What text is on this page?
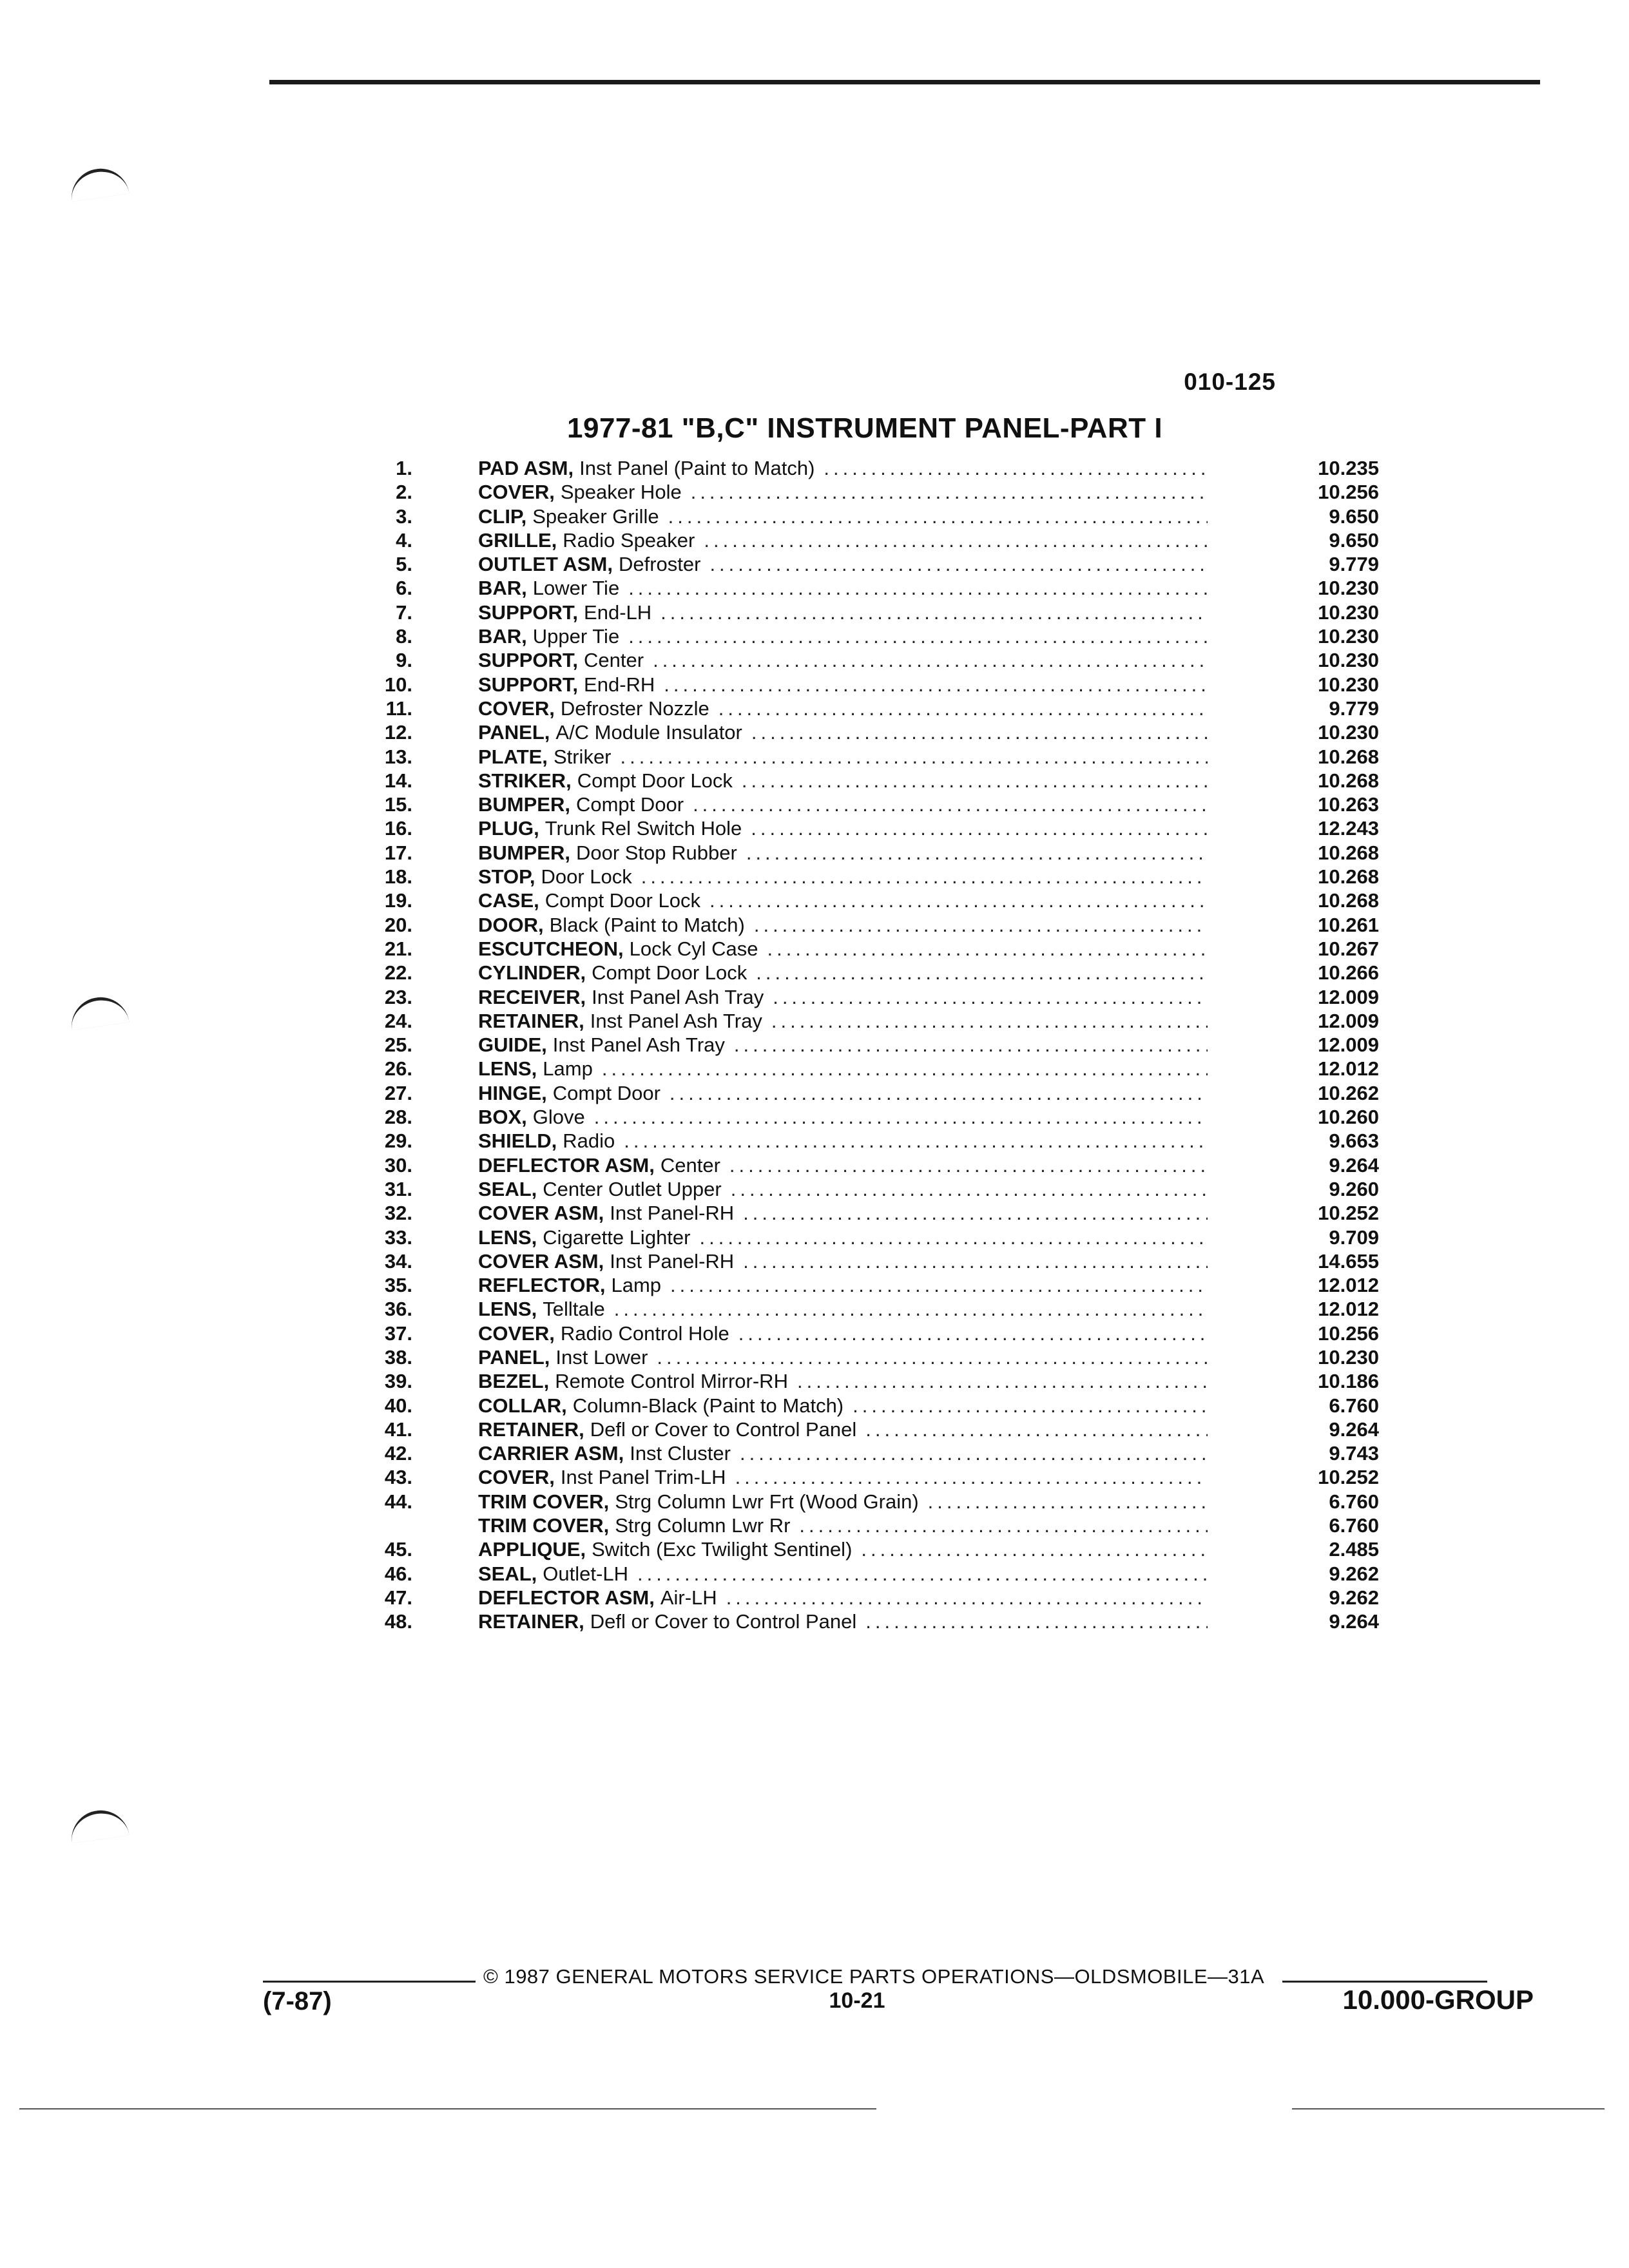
010-125
1977-81 "B,C" INSTRUMENT PANEL-PART I
1.	PAD ASM, Inst Panel (Paint to Match) .....	10.235
2.	COVER, Speaker Hole .....	10.256
3.	CLIP, Speaker Grille .....	9.650
4.	GRILLE, Radio Speaker .....	9.650
5.	OUTLET ASM, Defroster .....	9.779
6.	BAR, Lower Tie .....	10.230
7.	SUPPORT, End-LH .....	10.230
8.	BAR, Upper Tie .....	10.230
9.	SUPPORT, Center .....	10.230
10.	SUPPORT, End-RH .....	10.230
11.	COVER, Defroster Nozzle .....	9.779
12.	PANEL, A/C Module Insulator .....	10.230
13.	PLATE, Striker .....	10.268
14.	STRIKER, Compt Door Lock .....	10.268
15.	BUMPER, Compt Door .....	10.263
16.	PLUG, Trunk Rel Switch Hole .....	12.243
17.	BUMPER, Door Stop Rubber .....	10.268
18.	STOP, Door Lock .....	10.268
19.	CASE, Compt Door Lock .....	10.268
20.	DOOR, Black (Paint to Match) .....	10.261
21.	ESCUTCHEON, Lock Cyl Case .....	10.267
22.	CYLINDER, Compt Door Lock .....	10.266
23.	RECEIVER, Inst Panel Ash Tray .....	12.009
24.	RETAINER, Inst Panel Ash Tray .....	12.009
25.	GUIDE, Inst Panel Ash Tray .....	12.009
26.	LENS, Lamp .....	12.012
27.	HINGE, Compt Door .....	10.262
28.	BOX, Glove .....	10.260
29.	SHIELD, Radio .....	9.663
30.	DEFLECTOR ASM, Center .....	9.264
31.	SEAL, Center Outlet Upper .....	9.260
32.	COVER ASM, Inst Panel-RH .....	10.252
33.	LENS, Cigarette Lighter .....	9.709
34.	COVER ASM, Inst Panel-RH .....	14.655
35.	REFLECTOR, Lamp .....	12.012
36.	LENS, Telltale .....	12.012
37.	COVER, Radio Control Hole .....	10.256
38.	PANEL, Inst Lower .....	10.230
39.	BEZEL, Remote Control Mirror-RH .....	10.186
40.	COLLAR, Column-Black (Paint to Match) .....	6.760
41.	RETAINER, Defl or Cover to Control Panel .....	9.264
42.	CARRIER ASM, Inst Cluster .....	9.743
43.	COVER, Inst Panel Trim-LH .....	10.252
44.	TRIM COVER, Strg Column Lwr Frt (Wood Grain) .....	6.760
TRIM COVER, Strg Column Lwr Rr .....	6.760
45.	APPLIQUE, Switch (Exc Twilight Sentinel) .....	2.485
46.	SEAL, Outlet-LH .....	9.262
47.	DEFLECTOR ASM, Air-LH .....	9.262
48.	RETAINER, Defl or Cover to Control Panel .....	9.264
© 1987 GENERAL MOTORS SERVICE PARTS OPERATIONS—OLDSMOBILE—31A
(7-87)	10-21	10.000-GROUP
